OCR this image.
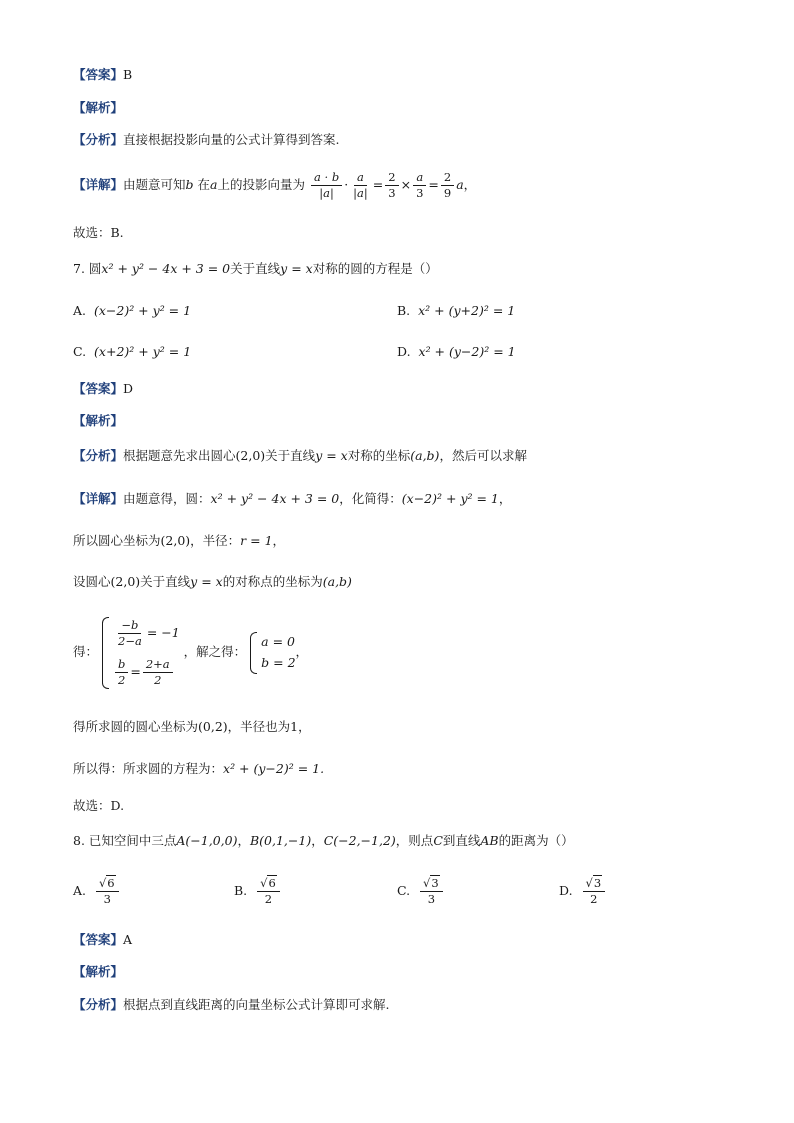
【答案】B
【解析】
【分析】直接根据投影向量的公式计算得到答案.
【详解】由题意可知b 在a上的投影向量为 $\frac{a \cdot b}{|a|} \cdot \frac{a}{|a|} = \frac{2}{3} \times \frac{a}{3} = \frac{2}{9}$ a，
故选：B.
7. 圆x² + y² − 4x + 3 = 0关于直线y = x对称的圆的方程是（）
A. (x−2)² + y² = 1	B. x² + (y+2)² = 1
C. (x+2)² + y² = 1	D. x² + (y−2)² = 1
【答案】D
【解析】
【分析】根据题意先求出圆心(2,0)关于直线y = x对称的坐标(a,b)，然后可以求解
【详解】由题意得，圆：x² + y² − 4x + 3 = 0，化简得：(x−2)² + y² = 1，
所以圆心坐标为(2,0)，半径：r = 1，
设圆心(2,0)关于直线y = x的对称点的坐标为(a,b)
得：
$\frac{-b}{2-a} = -1$
$\frac{b}{2} = \frac{2+a}{2}$
，解之得：
a = 0
b = 2
，
得所求圆的圆心坐标为(0,2)，半径也为1，
所以得：所求圆的方程为：x² + (y−2)² = 1.
故选：D.
8. 已知空间中三点A(−1,0,0)，B(0,1,−1)，C(−2,−1,2)，则点C到直线AB的距离为（）
A. $\frac{√6}{3}$	B. $\frac{√6}{2}$	C. $\frac{√3}{3}$	D. $\frac{√3}{2}$
【答案】A
【解析】
【分析】根据点到直线距离的向量坐标公式计算即可求解.
